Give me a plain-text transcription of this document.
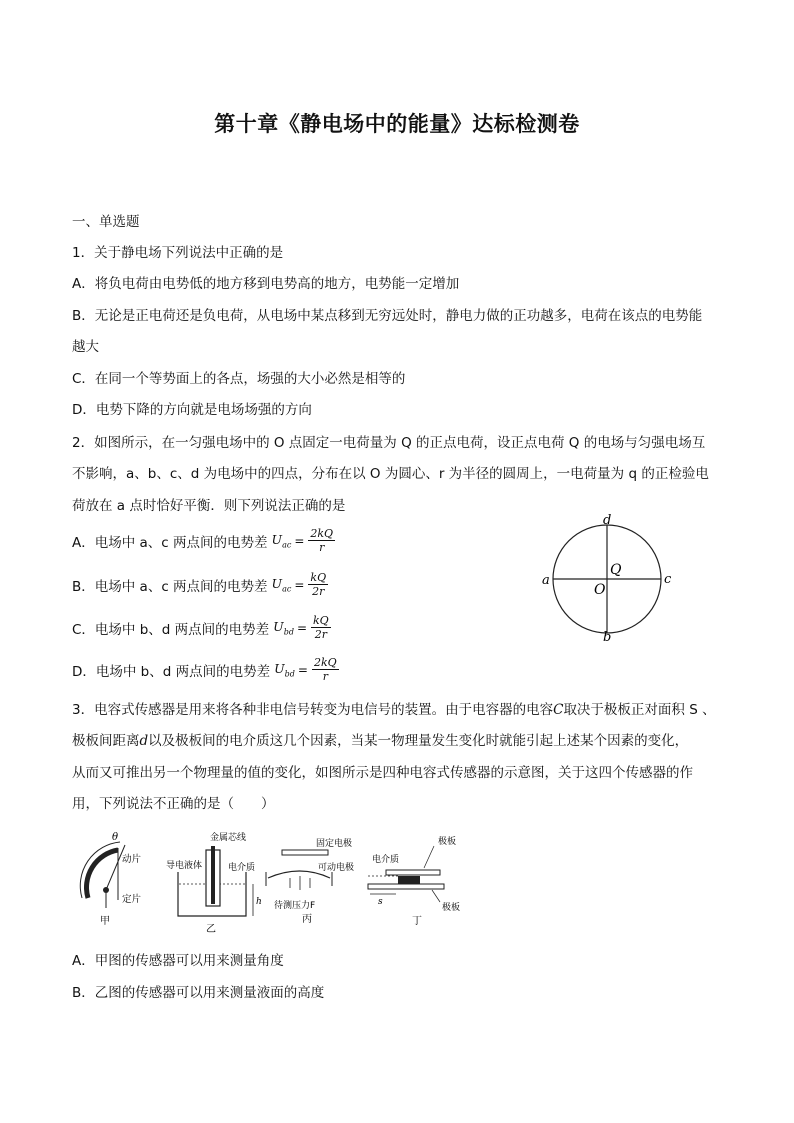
第十章《静电场中的能量》达标检测卷
一、单选题
1．关于静电场下列说法中正确的是
A．将负电荷由电势低的地方移到电势高的地方，电势能一定增加
B．无论是正电荷还是负电荷，从电场中某点移到无穷远处时，静电力做的正功越多，电荷在该点的电势能
越大
C．在同一个等势面上的各点，场强的大小必然是相等的
D．电势下降的方向就是电场场强的方向
2．如图所示，在一匀强电场中的 O 点固定一电荷量为 Q 的正点电荷，设正点电荷 Q 的电场与匀强电场互
不影响，a、b、c、d 为电场中的四点，分布在以 O 为圆心、r 为半径的圆周上，一电荷量为 q 的正检验电
荷放在 a 点时恰好平衡．则下列说法正确的是
A．电场中 a、c 两点间的电势差 $U_{ac} = \frac{2kQ}{r}$
B．电场中 a、c 两点间的电势差 $U_{ac} = \frac{kQ}{2r}$
C．电场中 b、d 两点间的电势差 $U_{bd} = \frac{kQ}{2r}$
D．电场中 b、d 两点间的电势差 $U_{bd} = \frac{2kQ}{r}$
d
b
a	c
Q
O
3．电容式传感器是用来将各种非电信号转变为电信号的装置。由于电容器的电容C取决于极板正对面积 S 、
极板间距离d以及极板间的电介质这几个因素，当某一物理量发生变化时就能引起上述某个因素的变化，
从而又可推出另一个物理量的值的变化，如图所示是四种电容式传感器的示意图，关于这四个传感器的作
用，下列说法不正确的是（　　）
θ
动片
定片
甲
金属芯线
导电液体	电介质
h
乙
固定电极
可动电极
待测压力F
丙
s
电介质
极板
极板
丁
A．甲图的传感器可以用来测量角度
B．乙图的传感器可以用来测量液面的高度
